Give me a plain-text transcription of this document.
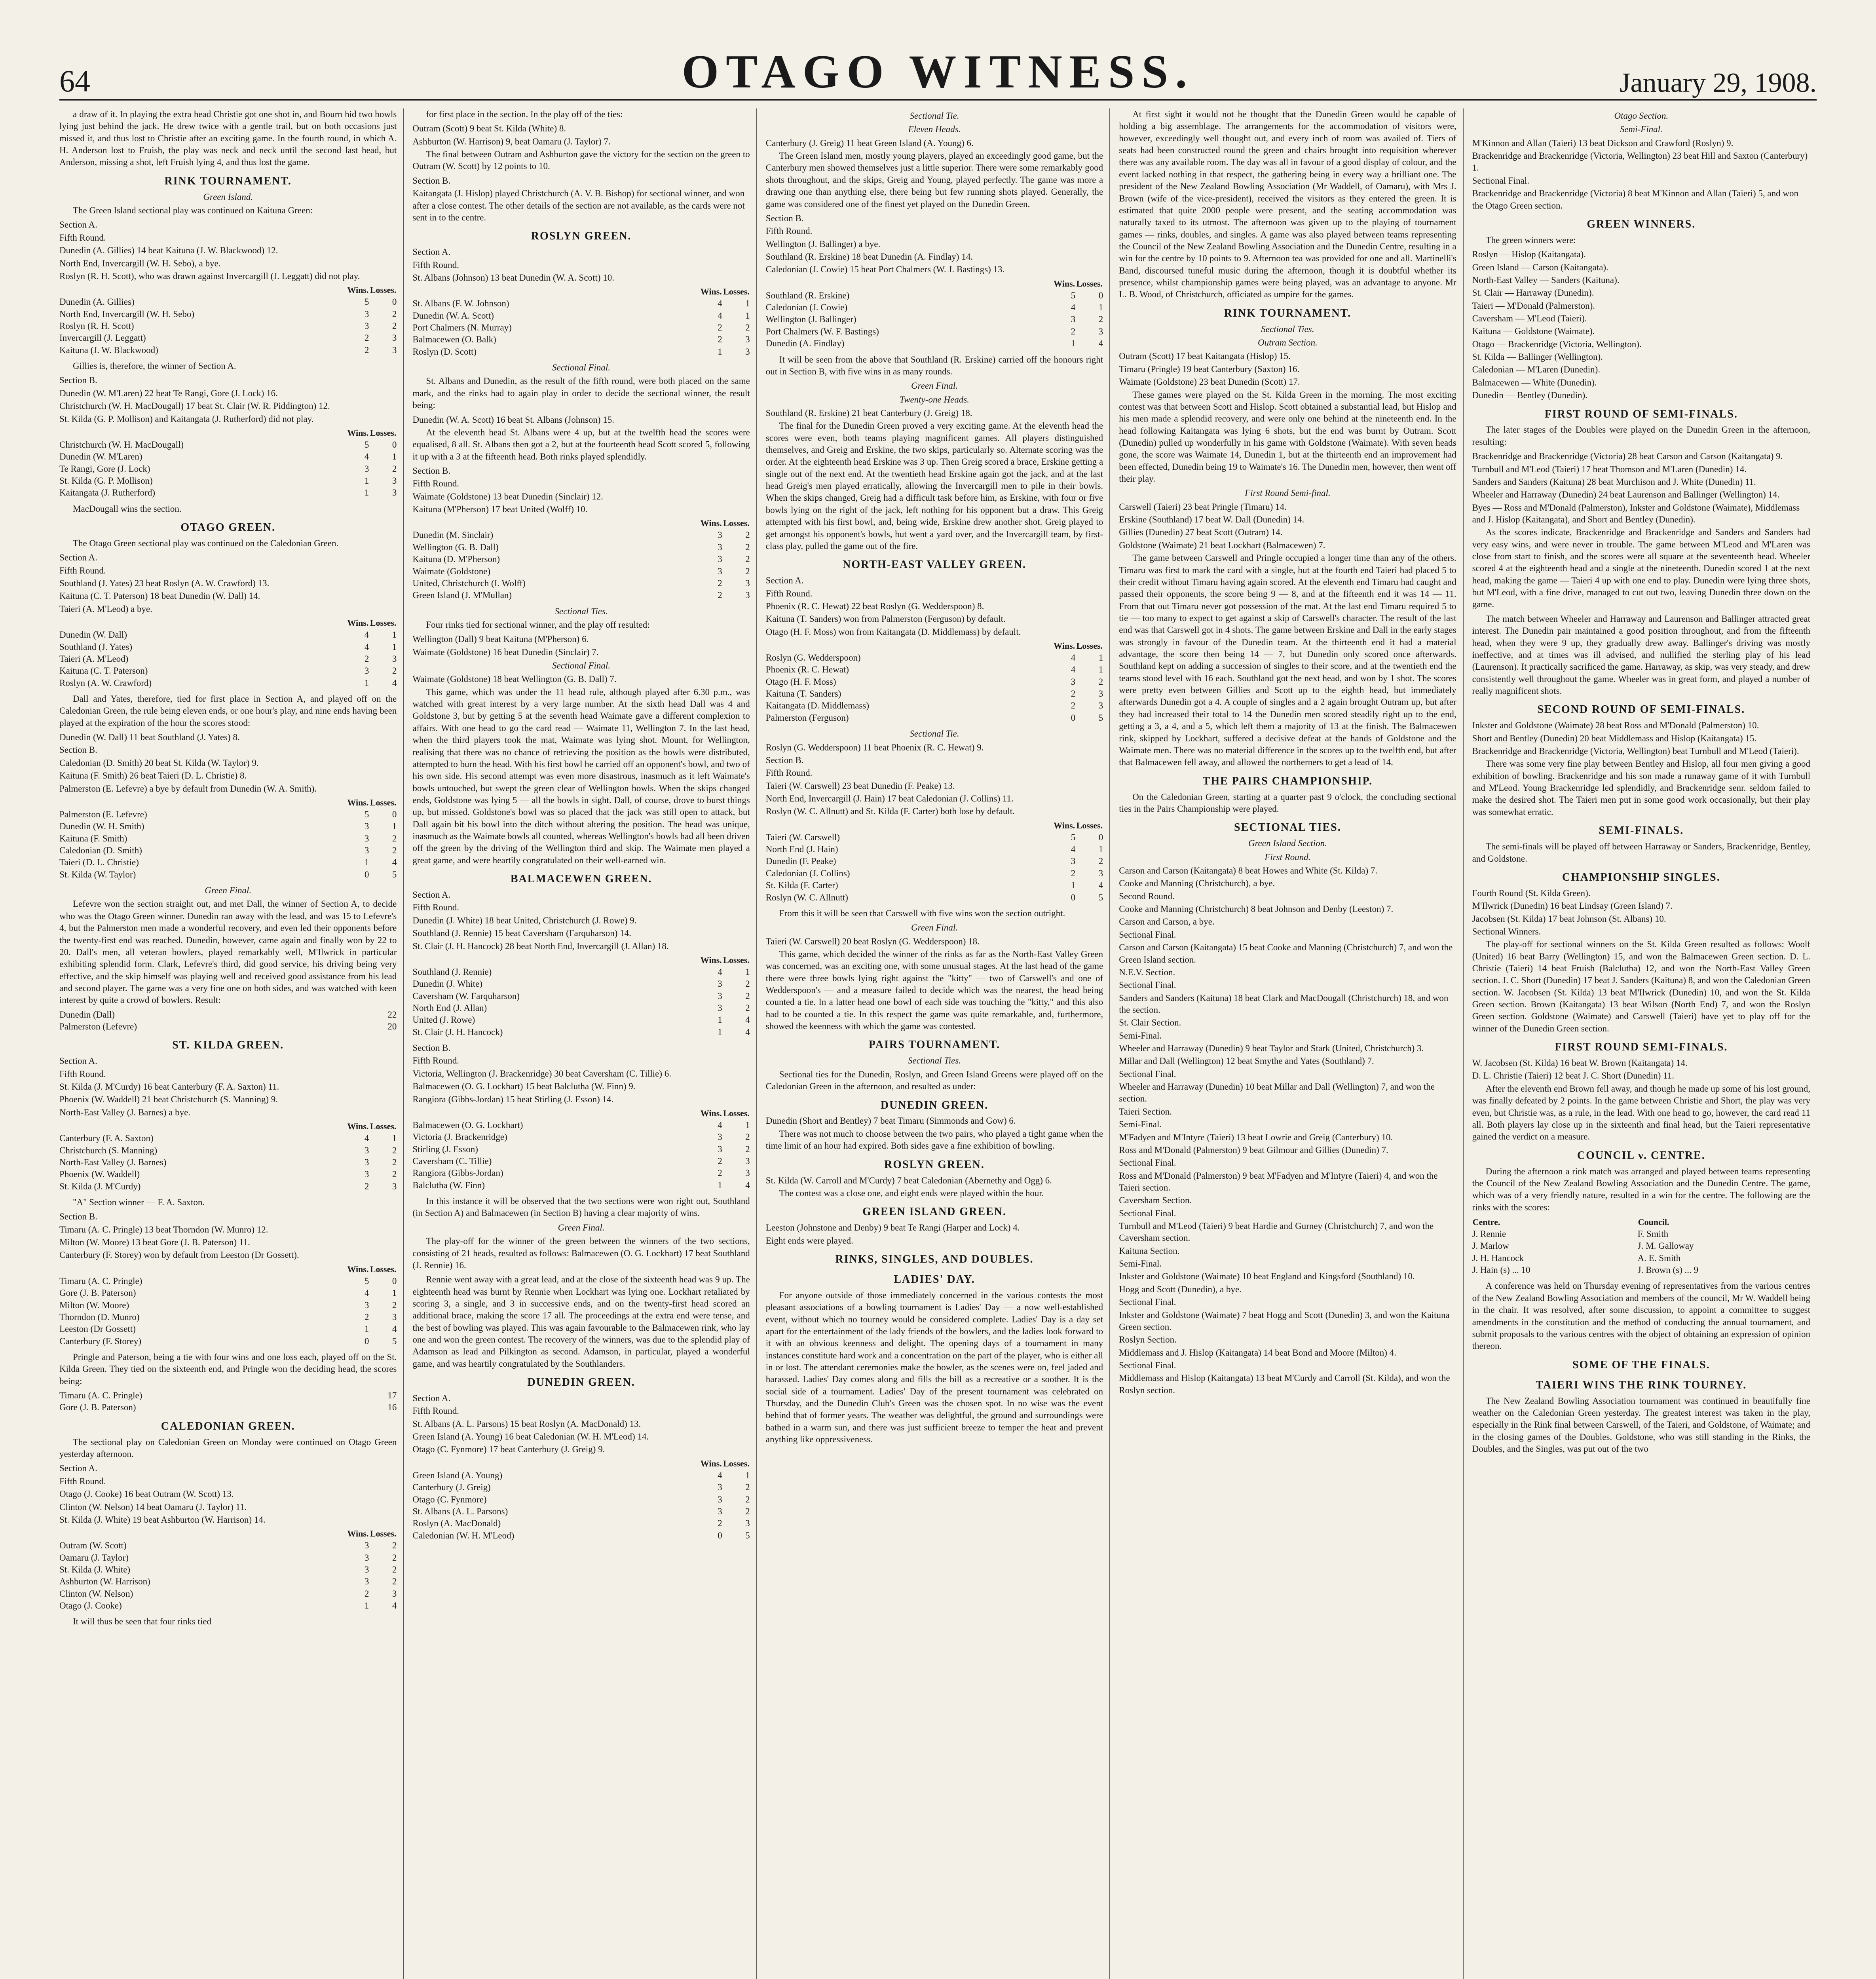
64	OTAGO WITNESS.	January 29, 1908.

a draw of it. In playing the extra head Christie got one shot in, and Bourn hid two bowls lying just behind the jack. He drew twice with a gentle trail, but on both occasions just missed it, and thus lost to Christie after an exciting game. In the fourth round, in which A. H. Anderson lost to Fruish, the play was neck and neck until the second last head, but Anderson, missing a shot, left Fruish lying 4, and thus lost the game.

RINK TOURNAMENT.
Green Island.

The Green Island sectional play was continued on Kaituna Green:

Section A.

Fifth Round.

Dunedin (A. Gillies) 14 beat Kaituna (J. W. Blackwood) 12.

North End, Invercargill (W. H. Sebo), a bye.

Roslyn (R. H. Scott), who was drawn against Invercargill (J. Leggatt) did not play.

	Wins.	Losses.
Dunedin (A. Gillies)	5	0
North End, Invercargill (W. H. Sebo)	3	2
Roslyn (R. H. Scott)	3	2
Invercargill (J. Leggatt)	2	3
Kaituna (J. W. Blackwood)	2	3

Gillies is, therefore, the winner of Section A.

Section B.

Dunedin (W. M'Laren) 22 beat Te Rangi, Gore (J. Lock) 16.

Christchurch (W. H. MacDougall) 17 beat St. Clair (W. R. Piddington) 12.

St. Kilda (G. P. Mollison) and Kaitangata (J. Rutherford) did not play.

	Wins.	Losses.
Christchurch (W. H. MacDougall)	5	0
Dunedin (W. M'Laren)	4	1
Te Rangi, Gore (J. Lock)	3	2
St. Kilda (G. P. Mollison)	1	3
Kaitangata (J. Rutherford)	1	3

MacDougall wins the section.

OTAGO GREEN.

The Otago Green sectional play was continued on the Caledonian Green.

Section A.

Fifth Round.

Southland (J. Yates) 23 beat Roslyn (A. W. Crawford) 13.

Kaituna (C. T. Paterson) 18 beat Dunedin (W. Dall) 14.

Taieri (A. M'Leod) a bye.

	Wins.	Losses.
Dunedin (W. Dall)	4	1
Southland (J. Yates)	4	1
Taieri (A. M'Leod)	2	3
Kaituna (C. T. Paterson)	3	2
Roslyn (A. W. Crawford)	1	4

Dall and Yates, therefore, tied for first place in Section A, and played off on the Caledonian Green, the rule being eleven ends, or one hour's play, and nine ends having been played at the expiration of the hour the scores stood:

Dunedin (W. Dall) 11 beat Southland (J. Yates) 8.

Section B.

Caledonian (D. Smith) 20 beat St. Kilda (W. Taylor) 9.

Kaituna (F. Smith) 26 beat Taieri (D. L. Christie) 8.

Palmerston (E. Lefevre) a bye by default from Dunedin (W. A. Smith).

	Wins.	Losses.
Palmerston (E. Lefevre)	5	0
Dunedin (W. H. Smith)	3	1
Kaituna (F. Smith)	3	2
Caledonian (D. Smith)	3	2
Taieri (D. L. Christie)	1	4
St. Kilda (W. Taylor)	0	5
Green Final.

Lefevre won the section straight out, and met Dall, the winner of Section A, to decide who was the Otago Green winner. Dunedin ran away with the lead, and was 15 to Lefevre's 4, but the Palmerston men made a wonderful recovery, and even led their opponents before the twenty-first end was reached. Dunedin, however, came again and finally won by 22 to 20. Dall's men, all veteran bowlers, played remarkably well, M'Ilwrick in particular exhibiting splendid form. Clark, Lefevre's third, did good service, his driving being very effective, and the skip himself was playing well and received good assistance from his lead and second player. The game was a very fine one on both sides, and was watched with keen interest by quite a crowd of bowlers. Result:

Dunedin (Dall)	22
Palmerston (Lefevre)	20
ST. KILDA GREEN.

Section A.

Fifth Round.

St. Kilda (J. M'Curdy) 16 beat Canterbury (F. A. Saxton) 11.

Phoenix (W. Waddell) 21 beat Christchurch (S. Manning) 9.

North-East Valley (J. Barnes) a bye.

	Wins.	Losses.
Canterbury (F. A. Saxton)	4	1
Christchurch (S. Manning)	3	2
North-East Valley (J. Barnes)	3	2
Phoenix (W. Waddell)	3	2
St. Kilda (J. M'Curdy)	2	3

"A" Section winner — F. A. Saxton.

Section B.

Timaru (A. C. Pringle) 13 beat Thorndon (W. Munro) 12.

Milton (W. Moore) 13 beat Gore (J. B. Paterson) 11.

Canterbury (F. Storey) won by default from Leeston (Dr Gossett).

	Wins.	Losses.
Timaru (A. C. Pringle)	5	0
Gore (J. B. Paterson)	4	1
Milton (W. Moore)	3	2
Thorndon (D. Munro)	2	3
Leeston (Dr Gossett)	1	4
Canterbury (F. Storey)	0	5

Pringle and Paterson, being a tie with four wins and one loss each, played off on the St. Kilda Green. They tied on the sixteenth end, and Pringle won the deciding head, the scores being:

Timaru (A. C. Pringle)	17
Gore (J. B. Paterson)	16
CALEDONIAN GREEN.

The sectional play on Caledonian Green on Monday were continued on Otago Green yesterday afternoon.

Section A.

Fifth Round.

Otago (J. Cooke) 16 beat Outram (W. Scott) 13.

Clinton (W. Nelson) 14 beat Oamaru (J. Taylor) 11.

St. Kilda (J. White) 19 beat Ashburton (W. Harrison) 14.

	Wins.	Losses.
Outram (W. Scott)	3	2
Oamaru (J. Taylor)	3	2
St. Kilda (J. White)	3	2
Ashburton (W. Harrison)	3	2
Clinton (W. Nelson)	2	3
Otago (J. Cooke)	1	4

It will thus be seen that four rinks tied

for first place in the section. In the play off of the ties:

Outram (Scott) 9 beat St. Kilda (White) 8.

Ashburton (W. Harrison) 9, beat Oamaru (J. Taylor) 7.

The final between Outram and Ashburton gave the victory for the section on the green to Outram (W. Scott) by 12 points to 10.

Section B.

Kaitangata (J. Hislop) played Christchurch (A. V. B. Bishop) for sectional winner, and won after a close contest. The other details of the section are not available, as the cards were not sent in to the centre.

ROSLYN GREEN.

Section A.

Fifth Round.

St. Albans (Johnson) 13 beat Dunedin (W. A. Scott) 10.

	Wins.	Losses.
St. Albans (F. W. Johnson)	4	1
Dunedin (W. A. Scott)	4	1
Port Chalmers (N. Murray)	2	2
Balmacewen (O. Balk)	2	3
Roslyn (D. Scott)	1	3
Sectional Final.

St. Albans and Dunedin, as the result of the fifth round, were both placed on the same mark, and the rinks had to again play in order to decide the sectional winner, the result being:

Dunedin (W. A. Scott) 16 beat St. Albans (Johnson) 15.

At the eleventh head St. Albans were 4 up, but at the twelfth head the scores were equalised, 8 all. St. Albans then got a 2, but at the fourteenth head Scott scored 5, following it up with a 3 at the fifteenth head. Both rinks played splendidly.

Section B.

Fifth Round.

Waimate (Goldstone) 13 beat Dunedin (Sinclair) 12.

Kaituna (M'Pherson) 17 beat United (Wolff) 10.

	Wins.	Losses.
Dunedin (M. Sinclair)	3	2
Wellington (G. B. Dall)	3	2
Kaituna (D. M'Pherson)	3	2
Waimate (Goldstone)	3	2
United, Christchurch (I. Wolff)	2	3
Green Island (J. M'Mullan)	2	3
Sectional Ties.

Four rinks tied for sectional winner, and the play off resulted:

Wellington (Dall) 9 beat Kaituna (M'Pherson) 6.

Waimate (Goldstone) 16 beat Dunedin (Sinclair) 7.

Sectional Final.

Waimate (Goldstone) 18 beat Wellington (G. B. Dall) 7.

This game, which was under the 11 head rule, although played after 6.30 p.m., was watched with great interest by a very large number. At the sixth head Dall was 4 and Goldstone 3, but by getting 5 at the seventh head Waimate gave a different complexion to affairs. With one head to go the card read — Waimate 11, Wellington 7. In the last head, when the third players took the mat, Waimate was lying shot. Mount, for Wellington, realising that there was no chance of retrieving the position as the bowls were distributed, attempted to burn the head. With his first bowl he carried off an opponent's bowl, and two of his own side. His second attempt was even more disastrous, inasmuch as it left Waimate's bowls untouched, but swept the green clear of Wellington bowls. When the skips changed ends, Goldstone was lying 5 — all the bowls in sight. Dall, of course, drove to burst things up, but missed. Goldstone's bowl was so placed that the jack was still open to attack, but Dall again bit his bowl into the ditch without altering the position. The head was unique, inasmuch as the Waimate bowls all counted, whereas Wellington's bowls had all been driven off the green by the driving of the Wellington third and skip. The Waimate men played a great game, and were heartily congratulated on their well-earned win.

BALMACEWEN GREEN.

Section A.

Fifth Round.

Dunedin (J. White) 18 beat United, Christchurch (J. Rowe) 9.

Southland (J. Rennie) 15 beat Caversham (Farquharson) 14.

St. Clair (J. H. Hancock) 28 beat North End, Invercargill (J. Allan) 18.

	Wins.	Losses.
Southland (J. Rennie)	4	1
Dunedin (J. White)	3	2
Caversham (W. Farquharson)	3	2
North End (J. Allan)	3	2
United (J. Rowe)	1	4
St. Clair (J. H. Hancock)	1	4

Section B.

Fifth Round.

Victoria, Wellington (J. Brackenridge) 30 beat Caversham (C. Tillie) 6.

Balmacewen (O. G. Lockhart) 15 beat Balclutha (W. Finn) 9.

Rangiora (Gibbs-Jordan) 15 beat Stirling (J. Esson) 14.

	Wins.	Losses.
Balmacewen (O. G. Lockhart)	4	1
Victoria (J. Brackenridge)	3	2
Stirling (J. Esson)	3	2
Caversham (C. Tillie)	2	3
Rangiora (Gibbs-Jordan)	2	3
Balclutha (W. Finn)	1	4

In this instance it will be observed that the two sections were won right out, Southland (in Section A) and Balmacewen (in Section B) having a clear majority of wins.

Green Final.

The play-off for the winner of the green between the winners of the two sections, consisting of 21 heads, resulted as follows: Balmacewen (O. G. Lockhart) 17 beat Southland (J. Rennie) 16.

Rennie went away with a great lead, and at the close of the sixteenth head was 9 up. The eighteenth head was burnt by Rennie when Lockhart was lying one. Lockhart retaliated by scoring 3, a single, and 3 in successive ends, and on the twenty-first head scored an additional brace, making the score 17 all. The proceedings at the extra end were tense, and the best of bowling was played. This was again favourable to the Balmacewen rink, who lay one and won the green contest. The recovery of the winners, was due to the splendid play of Adamson as lead and Pilkington as second. Adamson, in particular, played a wonderful game, and was heartily congratulated by the Southlanders.

DUNEDIN GREEN.

Section A.

Fifth Round.

St. Albans (A. L. Parsons) 15 beat Roslyn (A. MacDonald) 13.

Green Island (A. Young) 16 beat Caledonian (W. H. M'Leod) 14.

Otago (C. Fynmore) 17 beat Canterbury (J. Greig) 9.

	Wins.	Losses.
Green Island (A. Young)	4	1
Canterbury (J. Greig)	3	2
Otago (C. Fynmore)	3	2
St. Albans (A. L. Parsons)	3	2
Roslyn (A. MacDonald)	2	3
Caledonian (W. H. M'Leod)	0	5
Sectional Tie.
Eleven Heads.

Canterbury (J. Greig) 11 beat Green Island (A. Young) 6.

The Green Island men, mostly young players, played an exceedingly good game, but the Canterbury men showed themselves just a little superior. There were some remarkably good shots throughout, and the skips, Greig and Young, played perfectly. The game was more a drawing one than anything else, there being but few running shots played. Generally, the game was considered one of the finest yet played on the Dunedin Green.

Section B.

Fifth Round.

Wellington (J. Ballinger) a bye.

Southland (R. Erskine) 18 beat Dunedin (A. Findlay) 14.

Caledonian (J. Cowie) 15 beat Port Chalmers (W. J. Bastings) 13.

	Wins.	Losses.
Southland (R. Erskine)	5	0
Caledonian (J. Cowie)	4	1
Wellington (J. Ballinger)	3	2
Port Chalmers (W. F. Bastings)	2	3
Dunedin (A. Findlay)	1	4

It will be seen from the above that Southland (R. Erskine) carried off the honours right out in Section B, with five wins in as many rounds.

Green Final.
Twenty-one Heads.

Southland (R. Erskine) 21 beat Canterbury (J. Greig) 18.

The final for the Dunedin Green proved a very exciting game. At the eleventh head the scores were even, both teams playing magnificent games. All players distinguished themselves, and Greig and Erskine, the two skips, particularly so. Alternate scoring was the order. At the eighteenth head Erskine was 3 up. Then Greig scored a brace, Erskine getting a single out of the next end. At the twentieth head Erskine again got the jack, and at the last head Greig's men played erratically, allowing the Invercargill men to pile in their bowls. When the skips changed, Greig had a difficult task before him, as Erskine, with four or five bowls lying on the right of the jack, left nothing for his opponent but a draw. This Greig attempted with his first bowl, and, being wide, Erskine drew another shot. Greig played to get amongst his opponent's bowls, but went a yard over, and the Invercargill team, by first-class play, pulled the game out of the fire.

NORTH-EAST VALLEY GREEN.

Section A.

Fifth Round.

Phoenix (R. C. Hewat) 22 beat Roslyn (G. Wedderspoon) 8.

Kaituna (T. Sanders) won from Palmerston (Ferguson) by default.

Otago (H. F. Moss) won from Kaitangata (D. Middlemass) by default.

	Wins.	Losses.
Roslyn (G. Wedderspoon)	4	1
Phoenix (R. C. Hewat)	4	1
Otago (H. F. Moss)	3	2
Kaituna (T. Sanders)	2	3
Kaitangata (D. Middlemass)	2	3
Palmerston (Ferguson)	0	5
Sectional Tie.

Roslyn (G. Wedderspoon) 11 beat Phoenix (R. C. Hewat) 9.

Section B.

Fifth Round.

Taieri (W. Carswell) 23 beat Dunedin (F. Peake) 13.

North End, Invercargill (J. Hain) 17 beat Caledonian (J. Collins) 11.

Roslyn (W. C. Allnutt) and St. Kilda (F. Carter) both lose by default.

	Wins.	Losses.
Taieri (W. Carswell)	5	0
North End (J. Hain)	4	1
Dunedin (F. Peake)	3	2
Caledonian (J. Collins)	2	3
St. Kilda (F. Carter)	1	4
Roslyn (W. C. Allnutt)	0	5

From this it will be seen that Carswell with five wins won the section outright.

Green Final.

Taieri (W. Carswell) 20 beat Roslyn (G. Wedderspoon) 18.

This game, which decided the winner of the rinks as far as the North-East Valley Green was concerned, was an exciting one, with some unusual stages. At the last head of the game there were three bowls lying right against the "kitty" — two of Carswell's and one of Wedderspoon's — and a measure failed to decide which was the nearest, the head being counted a tie. In a latter head one bowl of each side was touching the "kitty," and this also had to be counted a tie. In this respect the game was quite remarkable, and, furthermore, showed the keenness with which the game was contested.

PAIRS TOURNAMENT.
Sectional Ties.

Sectional ties for the Dunedin, Roslyn, and Green Island Greens were played off on the Caledonian Green in the afternoon, and resulted as under:

DUNEDIN GREEN.

Dunedin (Short and Bentley) 7 beat Timaru (Simmonds and Gow) 6.

There was not much to choose between the two pairs, who played a tight game when the time limit of an hour had expired. Both sides gave a fine exhibition of bowling.

ROSLYN GREEN.

St. Kilda (W. Carroll and M'Curdy) 7 beat Caledonian (Abernethy and Ogg) 6.

The contest was a close one, and eight ends were played within the hour.

GREEN ISLAND GREEN.

Leeston (Johnstone and Denby) 9 beat Te Rangi (Harper and Lock) 4.

Eight ends were played.

RINKS, SINGLES, AND DOUBLES.
LADIES' DAY.

For anyone outside of those immediately concerned in the various contests the most pleasant associations of a bowling tournament is Ladies' Day — a now well-established event, without which no tourney would be considered complete. Ladies' Day is a day set apart for the entertainment of the lady friends of the bowlers, and the ladies look forward to it with an obvious keenness and delight. The opening days of a tournament in many instances constitute hard work and a concentration on the part of the player, who is either all in or lost. The attendant ceremonies make the bowler, as the scenes were on, feel jaded and harassed. Ladies' Day comes along and fills the bill as a recreative or a soother. It is the social side of a tournament. Ladies' Day of the present tournament was celebrated on Thursday, and the Dunedin Club's Green was the chosen spot. In no wise was the event behind that of former years. The weather was delightful, the ground and surroundings were bathed in a warm sun, and there was just sufficient breeze to temper the heat and prevent anything like oppressiveness.

At first sight it would not be thought that the Dunedin Green would be capable of holding a big assemblage. The arrangements for the accommodation of visitors were, however, exceedingly well thought out, and every inch of room was availed of. Tiers of seats had been constructed round the green and chairs brought into requisition wherever there was any available room. The day was all in favour of a good display of colour, and the event lacked nothing in that respect, the gathering being in every way a brilliant one. The president of the New Zealand Bowling Association (Mr Waddell, of Oamaru), with Mrs J. Brown (wife of the vice-president), received the visitors as they entered the green. It is estimated that quite 2000 people were present, and the seating accommodation was naturally taxed to its utmost. The afternoon was given up to the playing of tournament games — rinks, doubles, and singles. A game was also played between teams representing the Council of the New Zealand Bowling Association and the Dunedin Centre, resulting in a win for the centre by 10 points to 9. Afternoon tea was provided for one and all. Martinelli's Band, discoursed tuneful music during the afternoon, though it is doubtful whether its presence, whilst championship games were being played, was an advantage to anyone. Mr L. B. Wood, of Christchurch, officiated as umpire for the games.

RINK TOURNAMENT.
Sectional Ties.
Outram Section.

Outram (Scott) 17 beat Kaitangata (Hislop) 15.

Timaru (Pringle) 19 beat Canterbury (Saxton) 16.

Waimate (Goldstone) 23 beat Dunedin (Scott) 17.

These games were played on the St. Kilda Green in the morning. The most exciting contest was that between Scott and Hislop. Scott obtained a substantial lead, but Hislop and his men made a splendid recovery, and were only one behind at the nineteenth end. In the head following Kaitangata was lying 6 shots, but the end was burnt by Outram. Scott (Dunedin) pulled up wonderfully in his game with Goldstone (Waimate). With seven heads gone, the score was Waimate 14, Dunedin 1, but at the thirteenth end an improvement had been effected, Dunedin being 19 to Waimate's 16. The Dunedin men, however, then went off their play.

First Round Semi-final.

Carswell (Taieri) 23 beat Pringle (Timaru) 14.

Erskine (Southland) 17 beat W. Dall (Dunedin) 14.

Gillies (Dunedin) 27 beat Scott (Outram) 14.

Goldstone (Waimate) 21 beat Lockhart (Balmacewen) 7.

The game between Carswell and Pringle occupied a longer time than any of the others. Timaru was first to mark the card with a single, but at the fourth end Taieri had placed 5 to their credit without Timaru having again scored. At the eleventh end Timaru had caught and passed their opponents, the score being 9 — 8, and at the fifteenth end it was 14 — 11. From that out Timaru never got possession of the mat. At the last end Timaru required 5 to tie — too many to expect to get against a skip of Carswell's character. The result of the last end was that Carswell got in 4 shots. The game between Erskine and Dall in the early stages was strongly in favour of the Dunedin team. At the thirteenth end it had a material advantage, the score then being 14 — 7, but Dunedin only scored once afterwards. Southland kept on adding a succession of singles to their score, and at the twentieth end the teams stood level with 16 each. Southland got the next head, and won by 1 shot. The scores were pretty even between Gillies and Scott up to the eighth head, but immediately afterwards Dunedin got a 4. A couple of singles and a 2 again brought Outram up, but after they had increased their total to 14 the Dunedin men scored steadily right up to the end, getting a 3, a 4, and a 5, which left them a majority of 13 at the finish. The Balmacewen rink, skipped by Lockhart, suffered a decisive defeat at the hands of Goldstone and the Waimate men. There was no material difference in the scores up to the twelfth end, but after that Balmacewen fell away, and allowed the northerners to get a lead of 14.

THE PAIRS CHAMPIONSHIP.

On the Caledonian Green, starting at a quarter past 9 o'clock, the concluding sectional ties in the Pairs Championship were played.

SECTIONAL TIES.
Green Island Section.
First Round.

Carson and Carson (Kaitangata) 8 beat Howes and White (St. Kilda) 7.

Cooke and Manning (Christchurch), a bye.

Second Round.

Cooke and Manning (Christchurch) 8 beat Johnson and Denby (Leeston) 7.

Carson and Carson, a bye.

Sectional Final.

Carson and Carson (Kaitangata) 15 beat Cooke and Manning (Christchurch) 7, and won the Green Island section.

N.E.V. Section.

Sectional Final.

Sanders and Sanders (Kaituna) 18 beat Clark and MacDougall (Christchurch) 18, and won the section.

St. Clair Section.

Semi-Final.

Wheeler and Harraway (Dunedin) 9 beat Taylor and Stark (United, Christchurch) 3.

Millar and Dall (Wellington) 12 beat Smythe and Yates (Southland) 7.

Sectional Final.

Wheeler and Harraway (Dunedin) 10 beat Millar and Dall (Wellington) 7, and won the section.

Taieri Section.

Semi-Final.

M'Fadyen and M'Intyre (Taieri) 13 beat Lowrie and Greig (Canterbury) 10.

Ross and M'Donald (Palmerston) 9 beat Gilmour and Gillies (Dunedin) 7.

Sectional Final.

Ross and M'Donald (Palmerston) 9 beat M'Fadyen and M'Intyre (Taieri) 4, and won the Taieri section.

Caversham Section.

Sectional Final.

Turnbull and M'Leod (Taieri) 9 beat Hardie and Gurney (Christchurch) 7, and won the Caversham section.

Kaituna Section.

Semi-Final.

Inkster and Goldstone (Waimate) 10 beat England and Kingsford (Southland) 10.

Hogg and Scott (Dunedin), a bye.

Sectional Final.

Inkster and Goldstone (Waimate) 7 beat Hogg and Scott (Dunedin) 3, and won the Kaituna Green section.

Roslyn Section.

Middlemass and J. Hislop (Kaitangata) 14 beat Bond and Moore (Milton) 4.

Sectional Final.

Middlemass and Hislop (Kaitangata) 13 beat M'Curdy and Carroll (St. Kilda), and won the Roslyn section.

Otago Section.
Semi-Final.

M'Kinnon and Allan (Taieri) 13 beat Dickson and Crawford (Roslyn) 9.

Brackenridge and Brackenridge (Victoria, Wellington) 23 beat Hill and Saxton (Canterbury) 1.

Sectional Final.

Brackenridge and Brackenridge (Victoria) 8 beat M'Kinnon and Allan (Taieri) 5, and won the Otago Green section.

GREEN WINNERS.

The green winners were:

Roslyn — Hislop (Kaitangata).

Green Island — Carson (Kaitangata).

North-East Valley — Sanders (Kaituna).

St. Clair — Harraway (Dunedin).

Taieri — M'Donald (Palmerston).

Caversham — M'Leod (Taieri).

Kaituna — Goldstone (Waimate).

Otago — Brackenridge (Victoria, Wellington).

St. Kilda — Ballinger (Wellington).

Caledonian — M'Laren (Dunedin).

Balmacewen — White (Dunedin).

Dunedin — Bentley (Dunedin).

FIRST ROUND OF SEMI-FINALS.

The later stages of the Doubles were played on the Dunedin Green in the afternoon, resulting:

Brackenridge and Brackenridge (Victoria) 28 beat Carson and Carson (Kaitangata) 9.

Turnbull and M'Leod (Taieri) 17 beat Thomson and M'Laren (Dunedin) 14.

Sanders and Sanders (Kaituna) 28 beat Murchison and J. White (Dunedin) 11.

Wheeler and Harraway (Dunedin) 24 beat Laurenson and Ballinger (Wellington) 14.

Byes — Ross and M'Donald (Palmerston), Inkster and Goldstone (Waimate), Middlemass and J. Hislop (Kaitangata), and Short and Bentley (Dunedin).

As the scores indicate, Brackenridge and Brackenridge and Sanders and Sanders had very easy wins, and were never in trouble. The game between M'Leod and M'Laren was close from start to finish, and the scores were all square at the seventeenth head. Wheeler scored 4 at the eighteenth head and a single at the nineteenth. Dunedin scored 1 at the next head, making the game — Taieri 4 up with one end to play. Dunedin were lying three shots, but M'Leod, with a fine drive, managed to cut out two, leaving Dunedin three down on the game.

The match between Wheeler and Harraway and Laurenson and Ballinger attracted great interest. The Dunedin pair maintained a good position throughout, and from the fifteenth head, when they were 9 up, they gradually drew away. Ballinger's driving was mostly ineffective, and at times was ill advised, and nullified the sterling play of his lead (Laurenson). It practically sacrificed the game. Harraway, as skip, was very steady, and drew consistently well throughout the game. Wheeler was in great form, and played a number of really magnificent shots.

SECOND ROUND OF SEMI-FINALS.

Inkster and Goldstone (Waimate) 28 beat Ross and M'Donald (Palmerston) 10.

Short and Bentley (Dunedin) 20 beat Middlemass and Hislop (Kaitangata) 15.

Brackenridge and Brackenridge (Victoria, Wellington) beat Turnbull and M'Leod (Taieri).

There was some very fine play between Bentley and Hislop, all four men giving a good exhibition of bowling. Brackenridge and his son made a runaway game of it with Turnbull and M'Leod. Young Brackenridge led splendidly, and Brackenridge senr. seldom failed to make the desired shot. The Taieri men put in some good work occasionally, but their play was somewhat erratic.

SEMI-FINALS.

The semi-finals will be played off between Harraway or Sanders, Brackenridge, Bentley, and Goldstone.

CHAMPIONSHIP SINGLES.

Fourth Round (St. Kilda Green).

M'Ilwrick (Dunedin) 16 beat Lindsay (Green Island) 7.

Jacobsen (St. Kilda) 17 beat Johnson (St. Albans) 10.

Sectional Winners.

The play-off for sectional winners on the St. Kilda Green resulted as follows: Woolf (United) 16 beat Barry (Wellington) 15, and won the Balmacewen Green section. D. L. Christie (Taieri) 14 beat Fruish (Balclutha) 12, and won the North-East Valley Green section. J. C. Short (Dunedin) 17 beat J. Sanders (Kaituna) 8, and won the Caledonian Green section. W. Jacobsen (St. Kilda) 13 beat M'Ilwrick (Dunedin) 10, and won the St. Kilda Green section. Brown (Kaitangata) 13 beat Wilson (North End) 7, and won the Roslyn Green section. Goldstone (Waimate) and Carswell (Taieri) have yet to play off for the winner of the Dunedin Green section.

FIRST ROUND SEMI-FINALS.

W. Jacobsen (St. Kilda) 16 beat W. Brown (Kaitangata) 14.

D. L. Christie (Taieri) 12 beat J. C. Short (Dunedin) 11.

After the eleventh end Brown fell away, and though he made up some of his lost ground, was finally defeated by 2 points. In the game between Christie and Short, the play was very even, but Christie was, as a rule, in the lead. With one head to go, however, the card read 11 all. Both players lay close up in the sixteenth and final head, but the Taieri representative gained the verdict on a measure.

COUNCIL v. CENTRE.

During the afternoon a rink match was arranged and played between teams representing the Council of the New Zealand Bowling Association and the Dunedin Centre. The game, which was of a very friendly nature, resulted in a win for the centre. The following are the rinks with the scores:

Centre.	Council.
J. Rennie	F. Smith
J. Marlow	J. M. Galloway
J. H. Hancock	A. E. Smith
J. Hain (s) ... 10	J. Brown (s) ... 9

A conference was held on Thursday evening of representatives from the various centres of the New Zealand Bowling Association and members of the council, Mr W. Waddell being in the chair. It was resolved, after some discussion, to appoint a committee to suggest amendments in the constitution and the method of conducting the annual tournament, and submit proposals to the various centres with the object of obtaining an expression of opinion thereon.

SOME OF THE FINALS.
TAIERI WINS THE RINK TOURNEY.

The New Zealand Bowling Association tournament was continued in beautifully fine weather on the Caledonian Green yesterday. The greatest interest was taken in the play, especially in the Rink final between Carswell, of the Taieri, and Goldstone, of Waimate; and in the closing games of the Doubles. Goldstone, who was still standing in the Rinks, the Doubles, and the Singles, was put out of the two
